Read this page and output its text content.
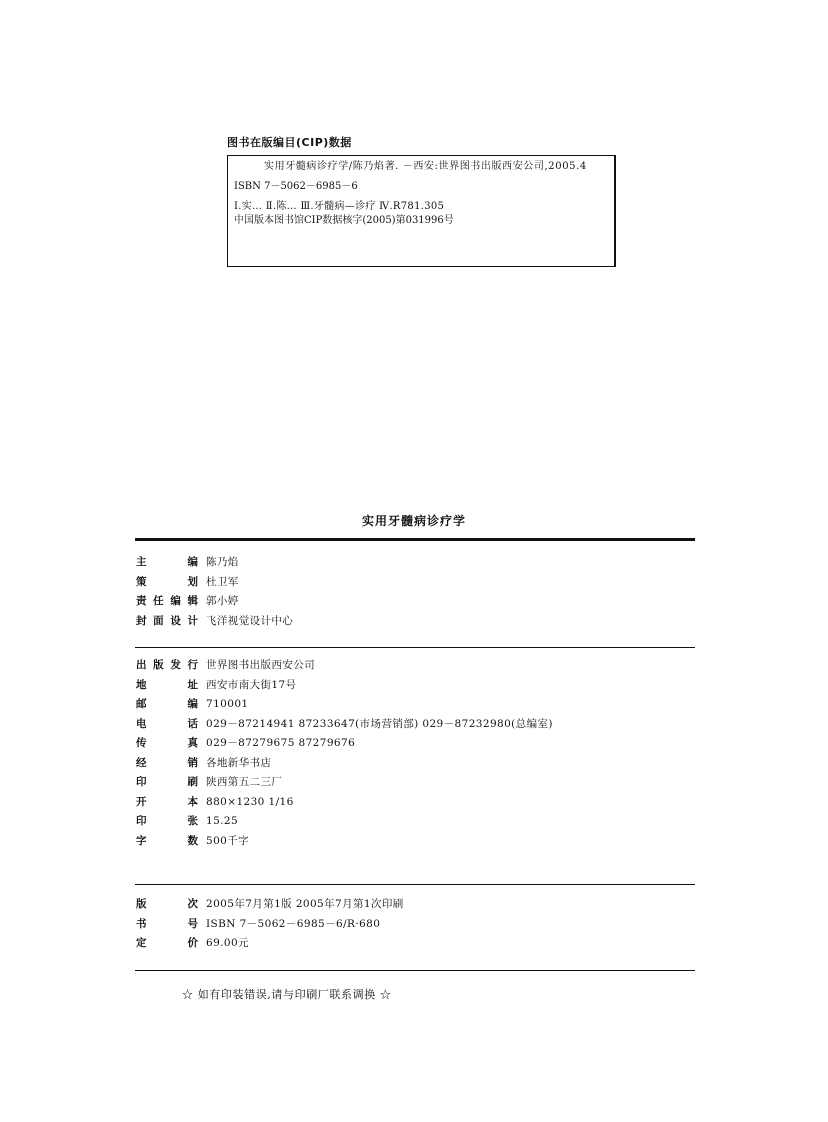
图书在版编目(CIP)数据
实用牙髓病诊疗学/陈乃焰著. －西安:世界图书出版西安公司,2005.4
ISBN 7－5062－6985－6
Ⅰ.实… Ⅱ.陈… Ⅲ.牙髓病—诊疗 Ⅳ.R781.305
中国版本图书馆CIP数据核字(2005)第031996号
实用牙髓病诊疗学
主编 陈乃焰
策划 杜卫军
责任编辑 郭小婷
封面设计 飞洋视觉设计中心
出版发行 世界图书出版西安公司
地址 西安市南大街17号
邮编 710001
电话 029－87214941 87233647(市场营销部) 029－87232980(总编室)
传真 029－87279675 87279676
经销 各地新华书店
印刷 陕西第五二三厂
开本 880×1230 1/16
印张 15.25
字数 500千字
版次 2005年7月第1版 2005年7月第1次印刷
书号 ISBN 7－5062－6985－6/R·680
定价 69.00元
☆ 如有印装错误,请与印刷厂联系调换 ☆
